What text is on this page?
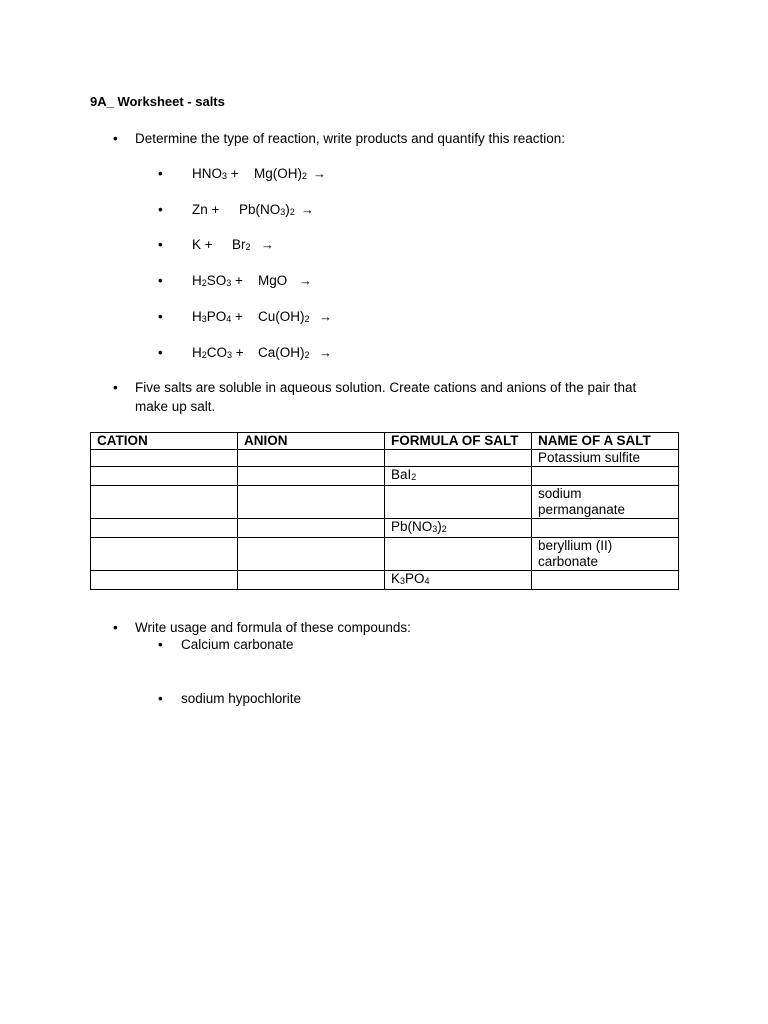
9A_ Worksheet - salts
•	Determine the type of reaction, write products and quantify this reaction:
• $HNO_3 + Mg(OH)_2$ →
• $Zn + Pb(NO_3)_2$ →
• $K + Br_2$ →
• $H_2SO_3$ + MgO →
• $H_3PO_4 + Cu(OH)_2$ →
• $H_2CO_3 + Ca(OH)_2$ →
•	Five salts are soluble in aqueous solution. Create cations and anions of the pair that
make up salt.
CATION	ANION	FORMULA OF SALT	NAME OF A SALT
			Potassium sulfite
		BaI$_2$	
			sodium permanganate
		$Pb(NO_3)_2$	
			beryllium (II) carbonate
		$K_3PO_4$	
•	Write usage and formula of these compounds:
•	Calcium carbonate
•	sodium hypochlorite
